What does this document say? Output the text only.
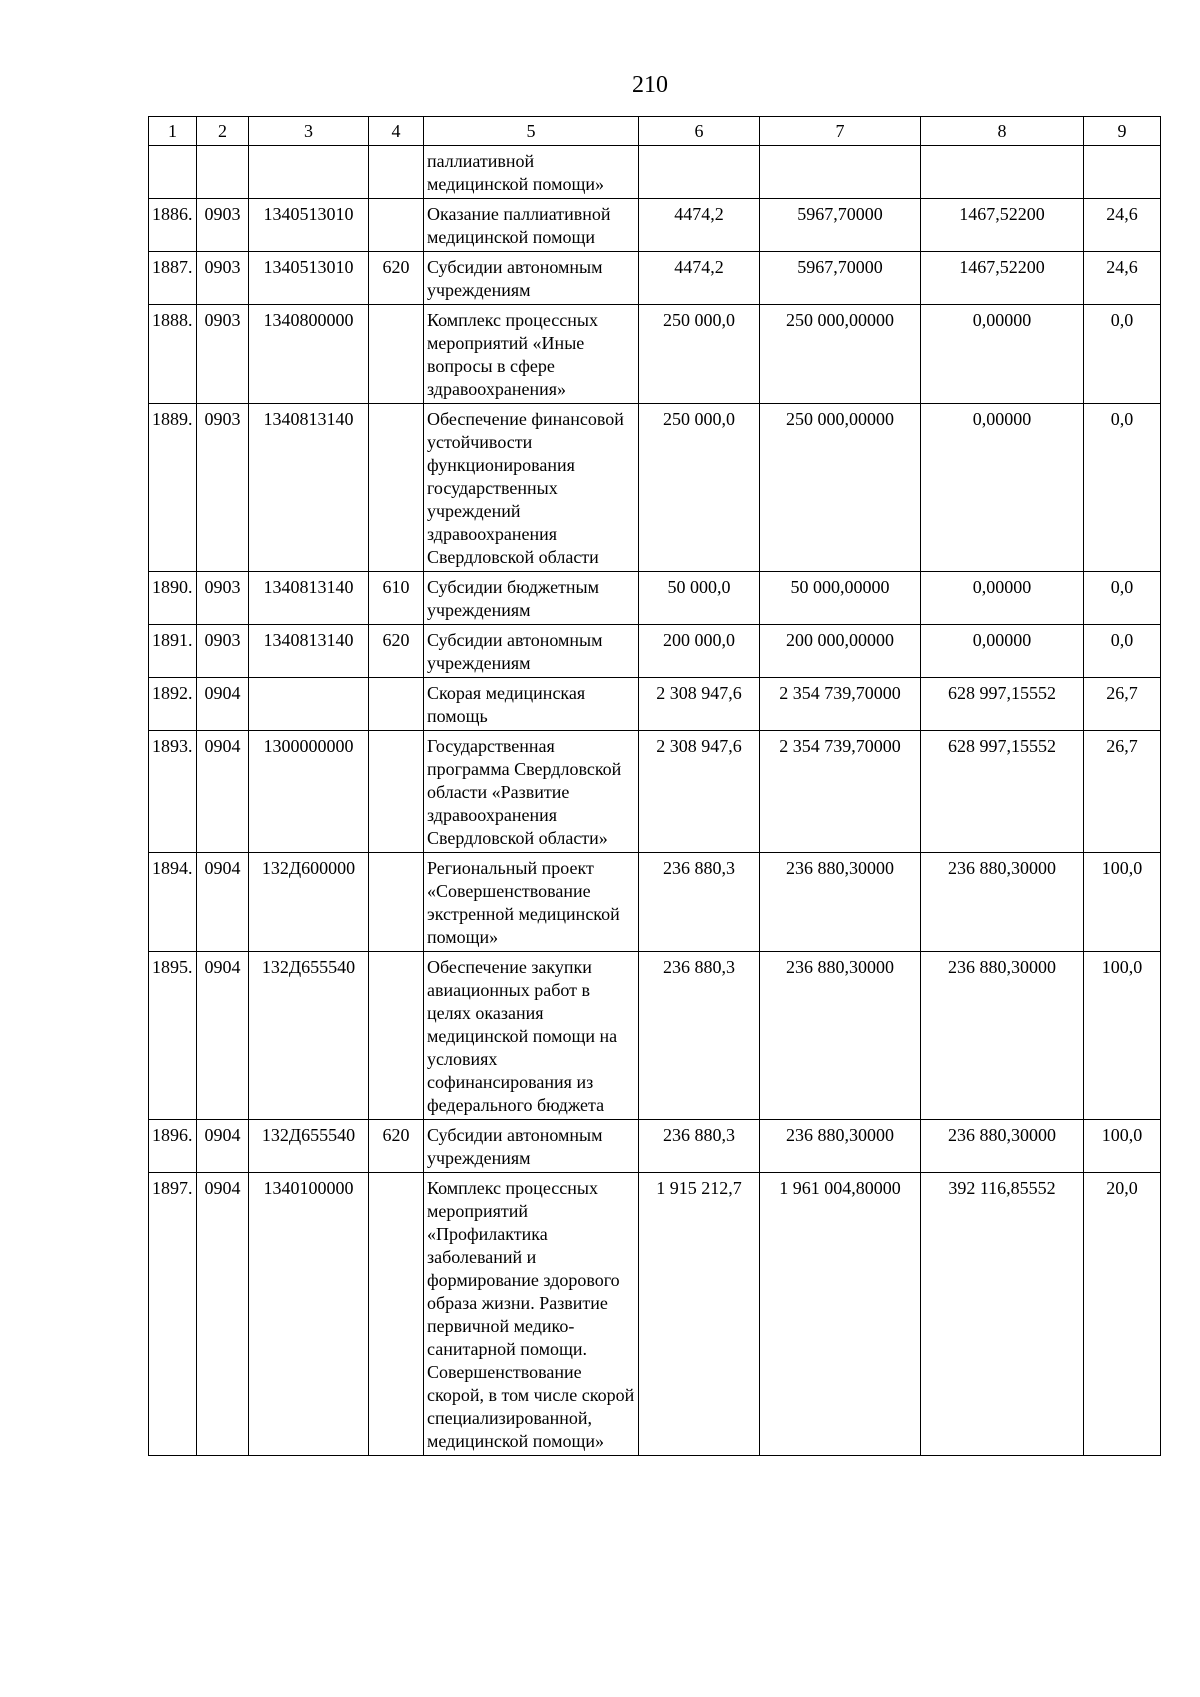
210
1	2	3	4	5	6	7	8	9
				паллиативной медицинской помощи»				
1886.	0903	1340513010		Оказание паллиативной медицинской помощи	4474,2	5967,70000	1467,52200	24,6
1887.	0903	1340513010	620	Субсидии автономным учреждениям	4474,2	5967,70000	1467,52200	24,6
1888.	0903	1340800000		Комплекс процессных мероприятий «Иные вопросы в сфере здравоохранения»	250 000,0	250 000,00000	0,00000	0,0
1889.	0903	1340813140		Обеспечение финансовой устойчивости функционирования государственных учреждений здравоохранения Свердловской области	250 000,0	250 000,00000	0,00000	0,0
1890.	0903	1340813140	610	Субсидии бюджетным учреждениям	50 000,0	50 000,00000	0,00000	0,0
1891.	0903	1340813140	620	Субсидии автономным учреждениям	200 000,0	200 000,00000	0,00000	0,0
1892.	0904			Скорая медицинская помощь	2 308 947,6	2 354 739,70000	628 997,15552	26,7
1893.	0904	1300000000		Государственная программа Свердловской области «Развитие здравоохранения Свердловской области»	2 308 947,6	2 354 739,70000	628 997,15552	26,7
1894.	0904	132Д600000		Региональный проект «Совершенствование экстренной медицинской помощи»	236 880,3	236 880,30000	236 880,30000	100,0
1895.	0904	132Д655540		Обеспечение закупки авиационных работ в целях оказания медицинской помощи на условиях софинансирования из федерального бюджета	236 880,3	236 880,30000	236 880,30000	100,0
1896.	0904	132Д655540	620	Субсидии автономным учреждениям	236 880,3	236 880,30000	236 880,30000	100,0
1897.	0904	1340100000		Комплекс процессных мероприятий «Профилактика заболеваний и формирование здорового образа жизни. Развитие первичной медико-санитарной помощи. Совершенствование скорой, в том числе скорой специализированной, медицинской помощи»	1 915 212,7	1 961 004,80000	392 116,85552	20,0
